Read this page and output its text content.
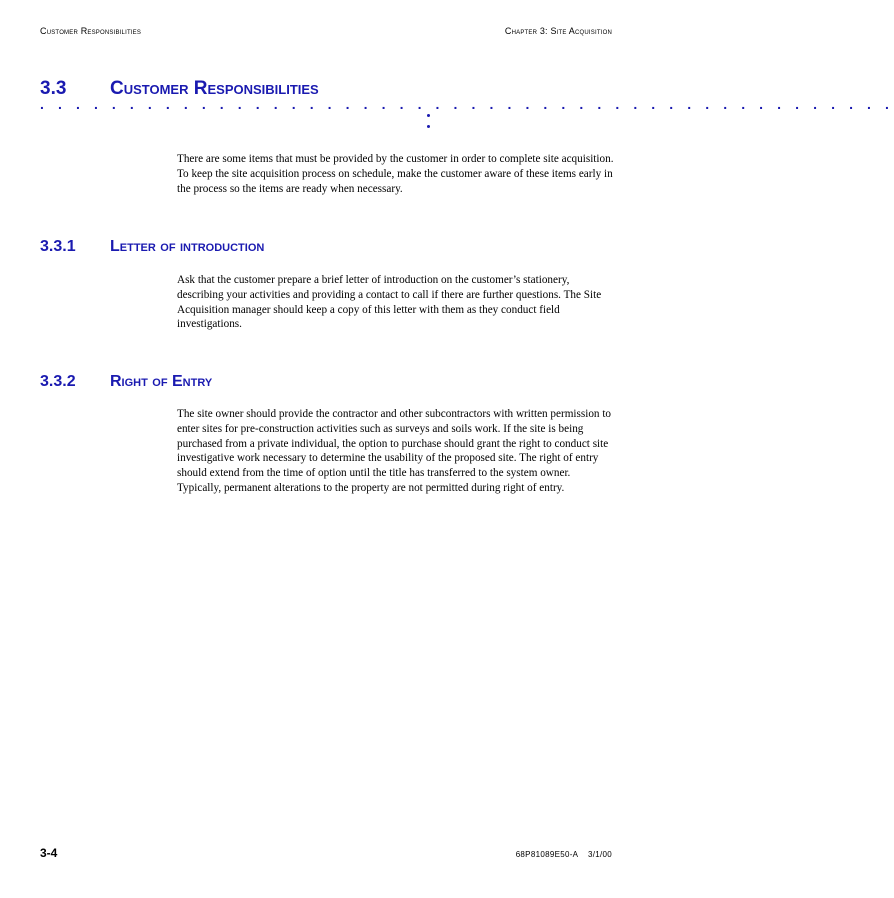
Customer Responsibilities	Chapter 3: Site Acquisition
3.3 Customer Responsibilities
. . . . . . . . . . . . . . . . . . . . . . . . . . . . . . . . . . . . . . . . . . . . . . . .

There are some items that must be provided by the customer in order to complete site acquisition. To keep the site acquisition process on schedule, make the customer aware of these items early in the process so the items are ready when necessary.

3.3.1 Letter of introduction

Ask that the customer prepare a brief letter of introduction on the customer’s stationery, describing your activities and providing a contact to call if there are further questions. The Site Acquisition manager should keep a copy of this letter with them as they conduct field investigations.

3.3.2 Right of Entry

The site owner should provide the contractor and other subcontractors with written permission to enter sites for pre-construction activities such as surveys and soils work. If the site is being purchased from a private individual, the option to purchase should grant the right to conduct site investigative work necessary to determine the usability of the proposed site. The right of entry should extend from the time of option until the title has transferred to the system owner. Typically, permanent alterations to the property are not permitted during right of entry.

3-4	68P81089E50-A    3/1/00
